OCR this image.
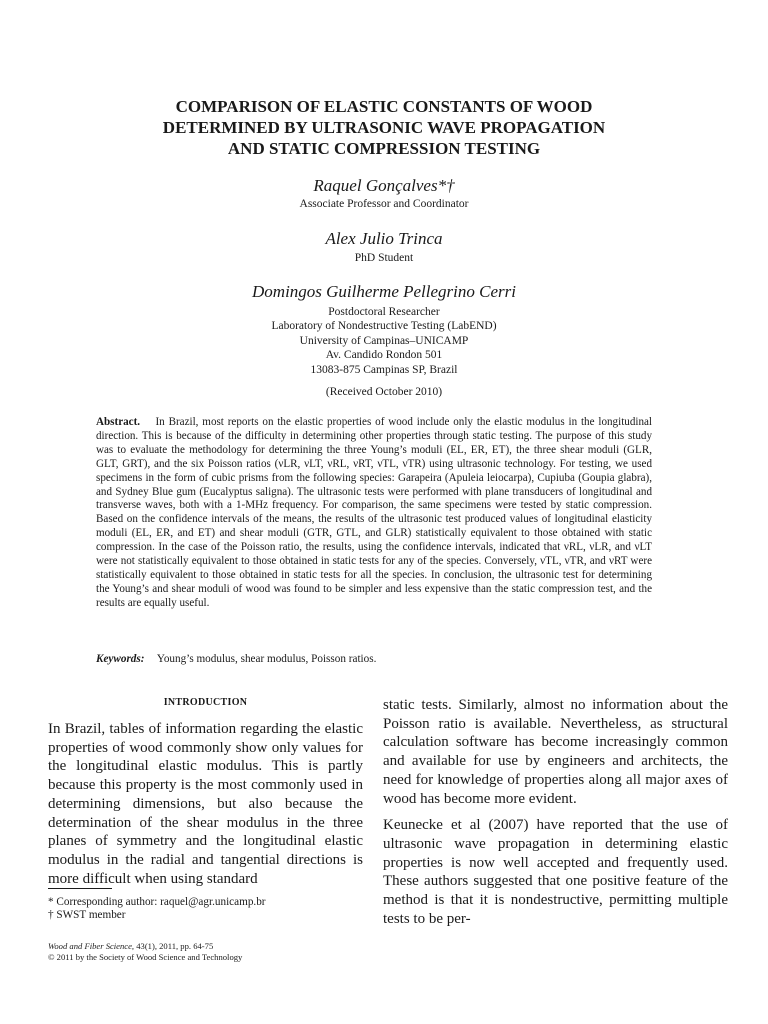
COMPARISON OF ELASTIC CONSTANTS OF WOOD
DETERMINED BY ULTRASONIC WAVE PROPAGATION
AND STATIC COMPRESSION TESTING
Raquel Gonçalves*†
Associate Professor and Coordinator
Alex Julio Trinca
PhD Student
Domingos Guilherme Pellegrino Cerri
Postdoctoral Researcher
Laboratory of Nondestructive Testing (LabEND)
University of Campinas–UNICAMP
Av. Candido Rondon 501
13083-875 Campinas SP, Brazil
(Received October 2010)

Abstract. In Brazil, most reports on the elastic properties of wood include only the elastic modulus in the longitudinal direction. This is because of the difficulty in determining other properties through static testing. The purpose of this study was to evaluate the methodology for determining the three Young’s moduli (EL, ER, ET), the three shear moduli (GLR, GLT, GRT), and the six Poisson ratios (νLR, νLT, νRL, νRT, νTL, νTR) using ultrasonic technology. For testing, we used specimens in the form of cubic prisms from the following species: Garapeira (Apuleia leiocarpa), Cupiuba (Goupia glabra), and Sydney Blue gum (Eucalyptus saligna). The ultrasonic tests were performed with plane transducers of longitudinal and transverse waves, both with a 1-MHz frequency. For comparison, the same specimens were tested by static compression. Based on the confidence intervals of the means, the results of the ultrasonic test produced values of longitudinal elasticity moduli (EL, ER, and ET) and shear moduli (GTR, GTL, and GLR) statistically equivalent to those obtained with static compression. In the case of the Poisson ratio, the results, using the confidence intervals, indicated that νRL, νLR, and νLT were not statistically equivalent to those obtained in static tests for any of the species. Conversely, νTL, νTR, and νRT were statistically equivalent to those obtained in static tests for all the species. In conclusion, the ultrasonic test for determining the Young’s and shear moduli of wood was found to be simpler and less expensive than the static compression test, and the results are equally useful.

Keywords: Young’s modulus, shear modulus, Poisson ratios.

INTRODUCTION

In Brazil, tables of information regarding the elastic properties of wood commonly show only values for the longitudinal elastic modulus. This is partly because this property is the most commonly used in determining dimensions, but also because the determination of the shear modulus in the three planes of symmetry and the longitudinal elastic modulus in the radial and tangential directions is more difficult when using standard

static tests. Similarly, almost no information about the Poisson ratio is available. Nevertheless, as structural calculation software has become increasingly common and available for use by engineers and architects, the need for knowledge of properties along all major axes of wood has become more evident.

Keunecke et al (2007) have reported that the use of ultrasonic wave propagation in determining elastic properties is now well accepted and frequently used. These authors suggested that one positive feature of the method is that it is nondestructive, permitting multiple tests to be per-

* Corresponding author: raquel@agr.unicamp.br
† SWST member
Wood and Fiber Science, 43(1), 2011, pp. 64-75
© 2011 by the Society of Wood Science and Technology
